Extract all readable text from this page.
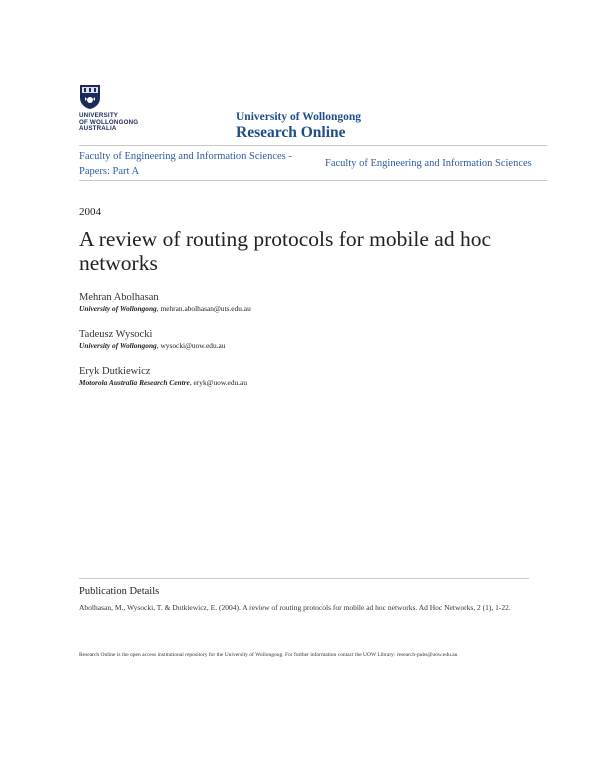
UNIVERSITY
OF WOLLONGONG
AUSTRALIA
University of Wollongong
Research Online
Faculty of Engineering and Information Sciences - Papers: Part A
Faculty of Engineering and Information Sciences
2004
A review of routing protocols for mobile ad hoc networks
Mehran Abolhasan
University of Wollongong, mehran.abolhasan@uts.edu.au
Tadeusz Wysocki
University of Wollongong, wysocki@uow.edu.au
Eryk Dutkiewicz
Motorola Australia Research Centre, eryk@uow.edu.au
Publication Details
Abolhasan, M., Wysocki, T. & Dutkiewicz, E. (2004). A review of routing protocols for mobile ad hoc networks. Ad Hoc Networks, 2 (1), 1-22.
Research Online is the open access institutional repository for the University of Wollongong. For further information contact the UOW Library: research-pubs@uow.edu.au
